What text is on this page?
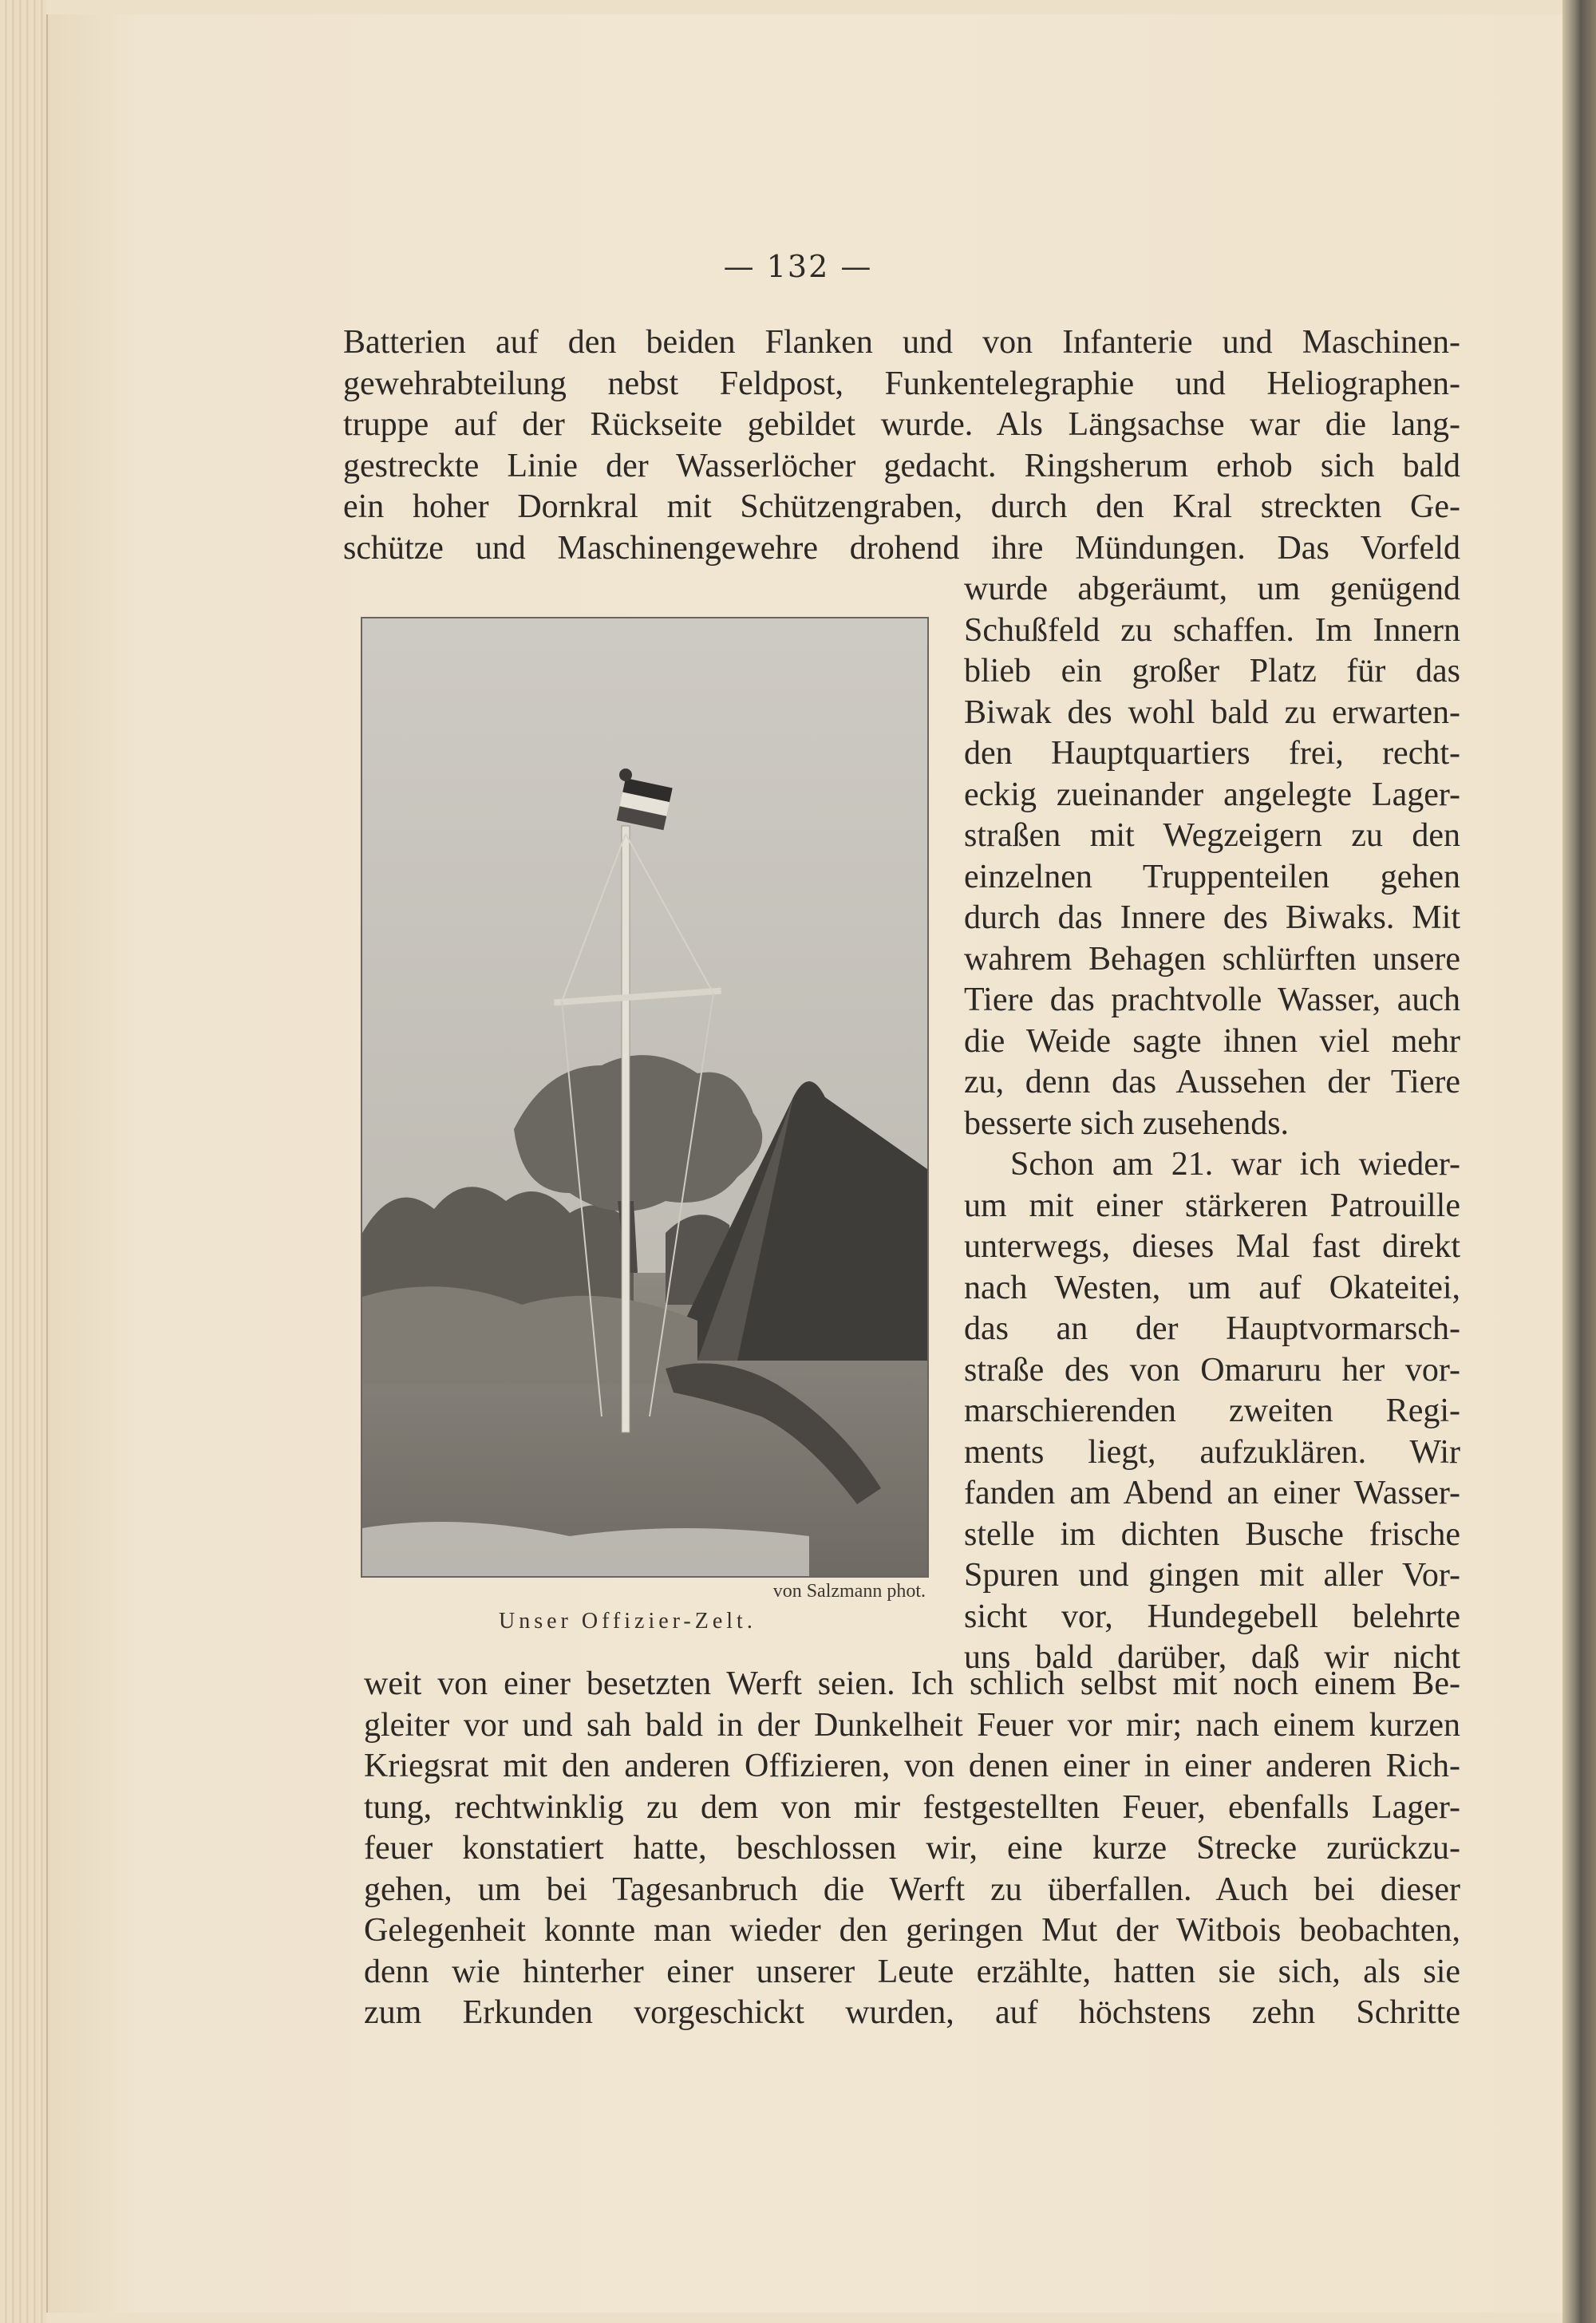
— 132 —
Batterien auf den beiden Flanken und von Infanterie und Maschinen-
gewehrabteilung nebst Feldpost, Funkentelegraphie und Heliographen-
truppe auf der Rückseite gebildet wurde. Als Längsachse war die lang-
gestreckte Linie der Wasserlöcher gedacht. Ringsherum erhob sich bald
ein hoher Dornkral mit Schützengraben, durch den Kral streckten Ge-
schütze und Maschinengewehre drohend ihre Mündungen. Das Vorfeld
wurde abgeräumt, um genügend
Schußfeld zu schaffen. Im Innern
blieb ein großer Platz für das
Biwak des wohl bald zu erwarten-
den Hauptquartiers frei, recht-
eckig zueinander angelegte Lager-
straßen mit Wegzeigern zu den
einzelnen Truppenteilen gehen
durch das Innere des Biwaks. Mit
wahrem Behagen schlürften unsere
Tiere das prachtvolle Wasser, auch
die Weide sagte ihnen viel mehr
zu, denn das Aussehen der Tiere
besserte sich zusehends.
Schon am 21. war ich wieder-
um mit einer stärkeren Patrouille
unterwegs, dieses Mal fast direkt
nach Westen, um auf Okateitei,
das an der Hauptvormarsch-
straße des von Omaruru her vor-
marschierenden zweiten Regi-
ments liegt, aufzuklären. Wir
fanden am Abend an einer Wasser-
stelle im dichten Busche frische
Spuren und gingen mit aller Vor-
sicht vor, Hundegebell belehrte
uns bald darüber, daß wir nicht
von Salzmann phot.
Unser Offizier-Zelt.
weit von einer besetzten Werft seien. Ich schlich selbst mit noch einem Be-
gleiter vor und sah bald in der Dunkelheit Feuer vor mir; nach einem kurzen
Kriegsrat mit den anderen Offizieren, von denen einer in einer anderen Rich-
tung, rechtwinklig zu dem von mir festgestellten Feuer, ebenfalls Lager-
feuer konstatiert hatte, beschlossen wir, eine kurze Strecke zurückzu-
gehen, um bei Tagesanbruch die Werft zu überfallen. Auch bei dieser
Gelegenheit konnte man wieder den geringen Mut der Witbois beobachten,
denn wie hinterher einer unserer Leute erzählte, hatten sie sich, als sie
zum Erkunden vorgeschickt wurden, auf höchstens zehn Schritte
